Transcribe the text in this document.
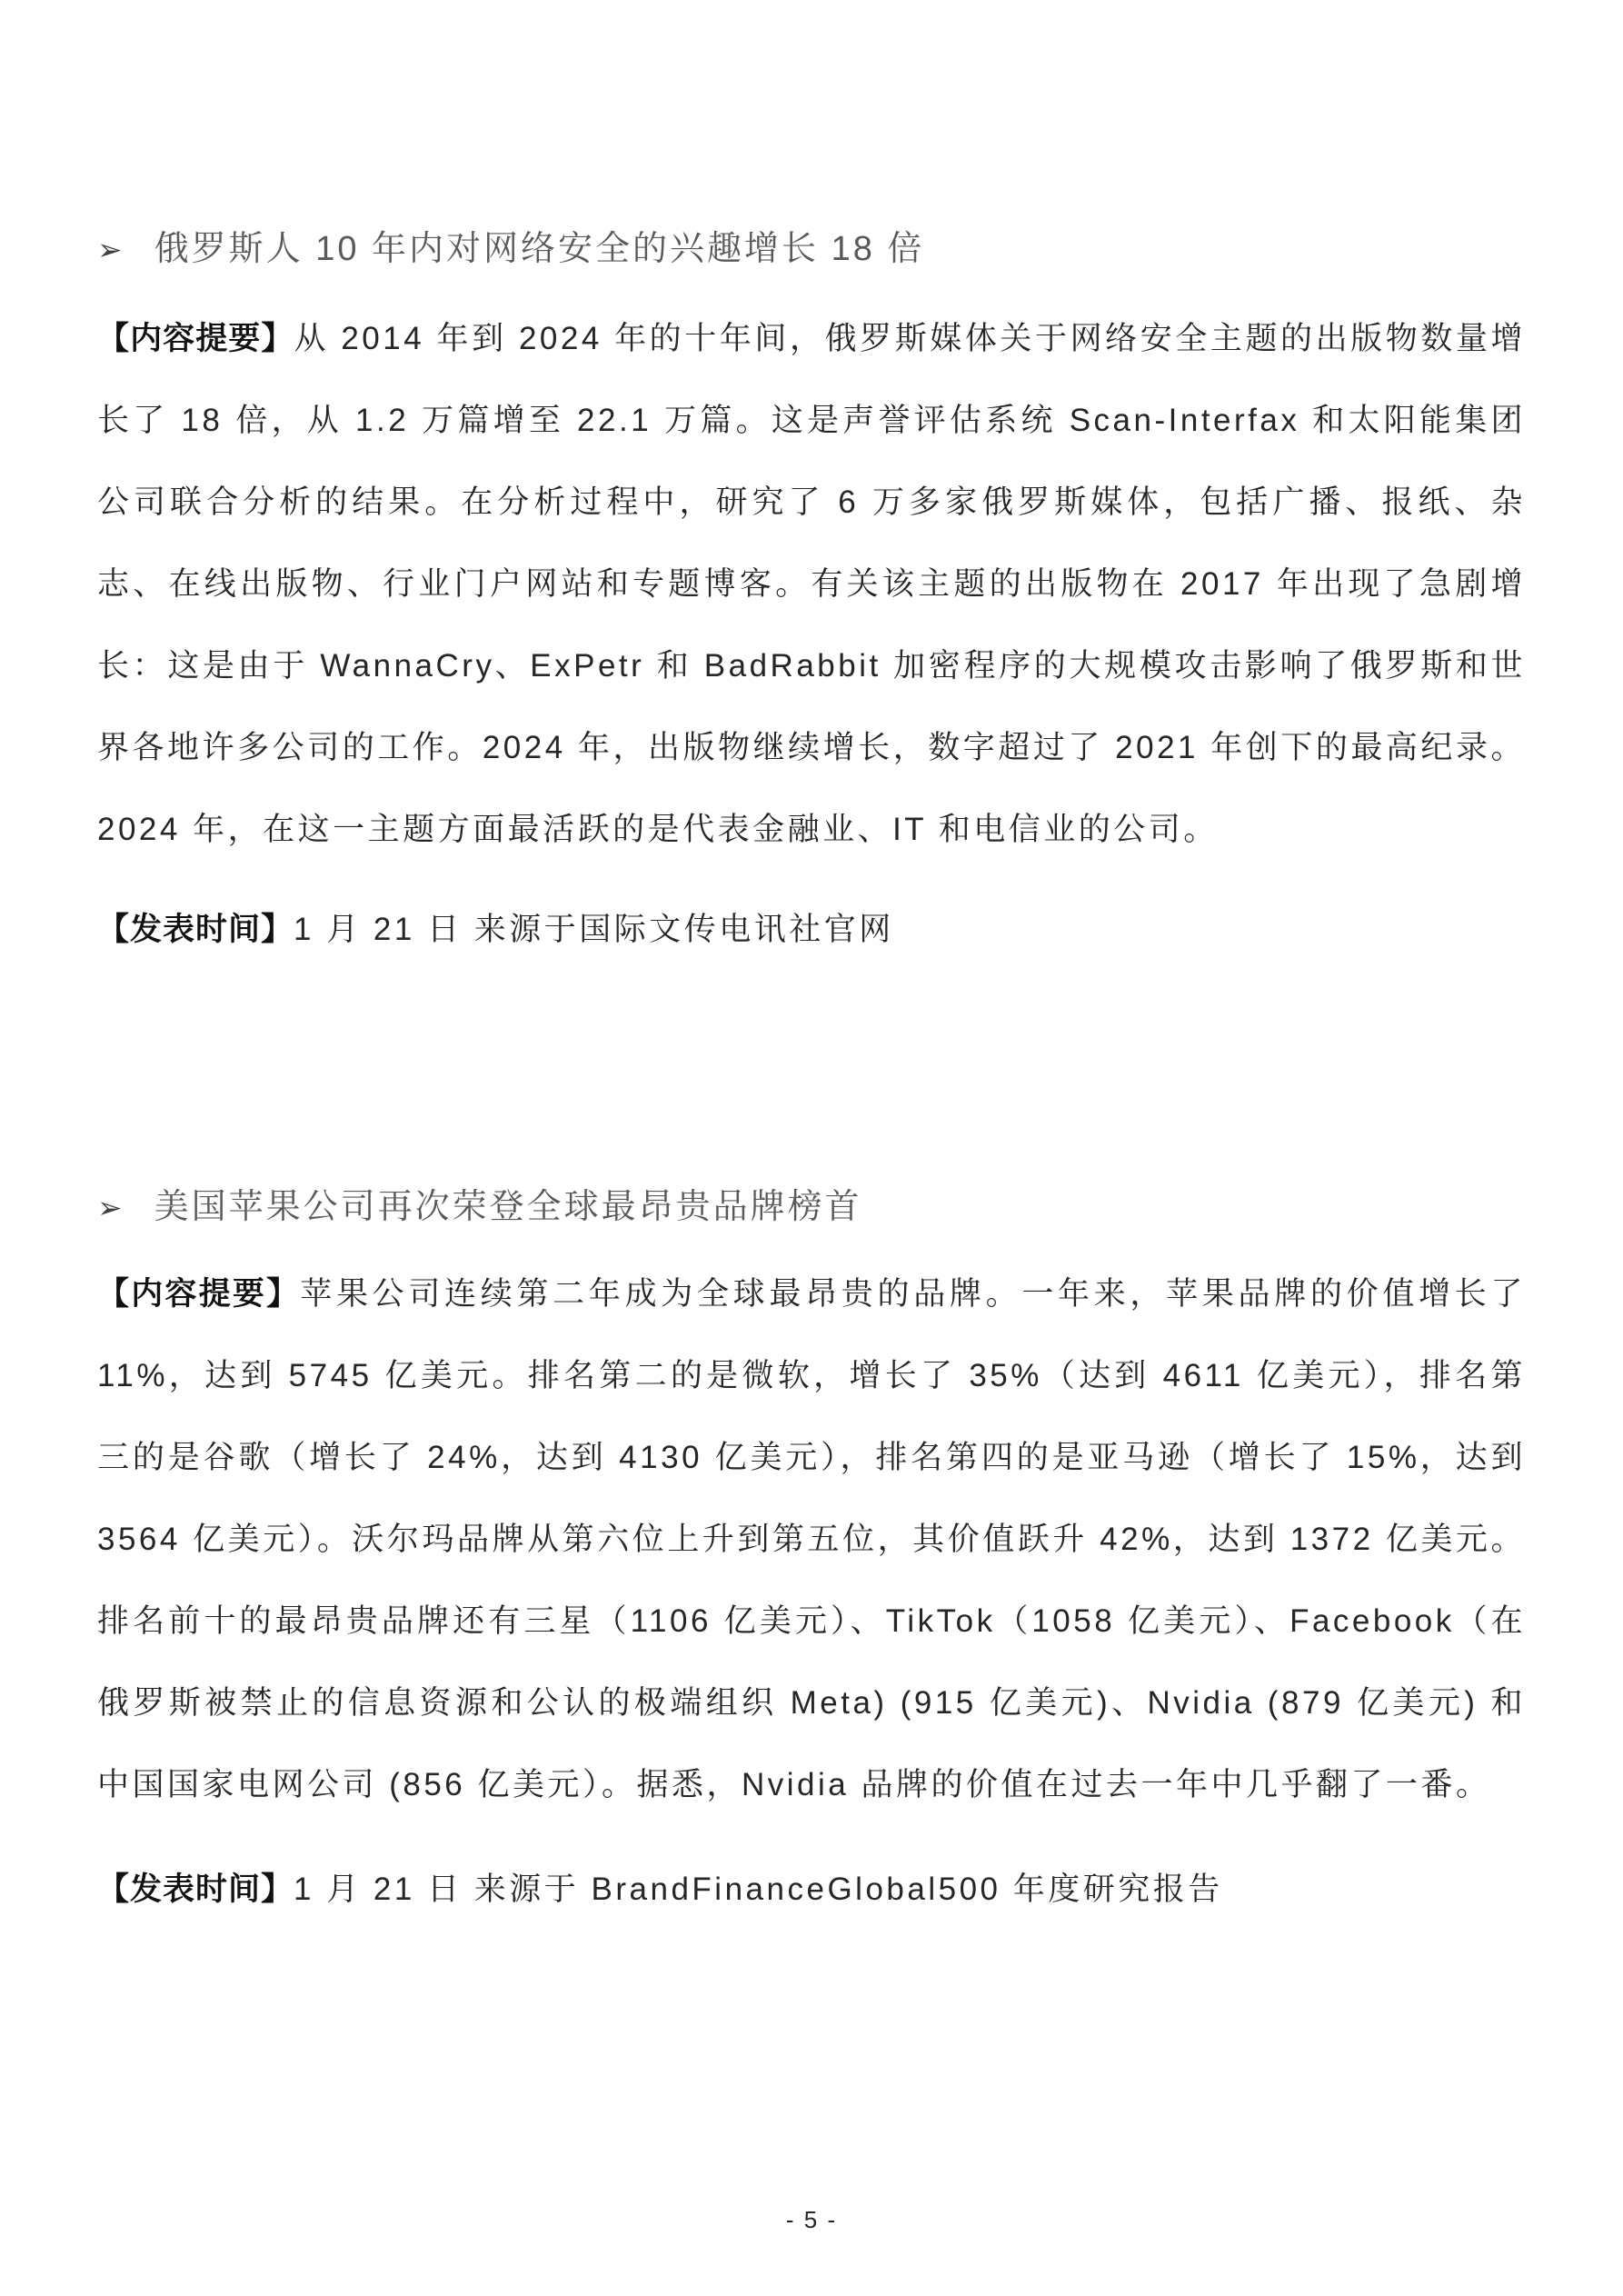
➢ 俄罗斯人 10 年内对网络安全的兴趣增长 18 倍

【内容提要】从 2014 年到 2024 年的十年间，俄罗斯媒体关于网络安全主题的出版物数量增长了 18 倍，从 1.2 万篇增至 22.1 万篇。这是声誉评估系统 Scan-Interfax 和太阳能集团公司联合分析的结果。在分析过程中，研究了 6 万多家俄罗斯媒体，包括广播、报纸、杂志、在线出版物、行业门户网站和专题博客。有关该主题的出版物在 2017 年出现了急剧增长：这是由于 WannaCry、ExPetr 和 BadRabbit 加密程序的大规模攻击影响了俄罗斯和世界各地许多公司的工作。2024 年，出版物继续增长，数字超过了 2021 年创下的最高纪录。2024 年，在这一主题方面最活跃的是代表金融业、IT 和电信业的公司。

【发表时间】1 月 21 日 来源于国际文传电讯社官网

➢ 美国苹果公司再次荣登全球最昂贵品牌榜首

【内容提要】苹果公司连续第二年成为全球最昂贵的品牌。一年来，苹果品牌的价值增长了 11%，达到 5745 亿美元。排名第二的是微软，增长了 35%（达到 4611 亿美元），排名第三的是谷歌（增长了 24%，达到 4130 亿美元），排名第四的是亚马逊（增长了 15%，达到 3564 亿美元）。沃尔玛品牌从第六位上升到第五位，其价值跃升 42%，达到 1372 亿美元。排名前十的最昂贵品牌还有三星（1106 亿美元）、TikTok（1058 亿美元）、Facebook（在俄罗斯被禁止的信息资源和公认的极端组织 Meta) (915 亿美元)、Nvidia (879 亿美元) 和中国国家电网公司 (856 亿美元）。据悉，Nvidia 品牌的价值在过去一年中几乎翻了一番。

【发表时间】1 月 21 日 来源于 BrandFinanceGlobal500 年度研究报告

- 5 -
